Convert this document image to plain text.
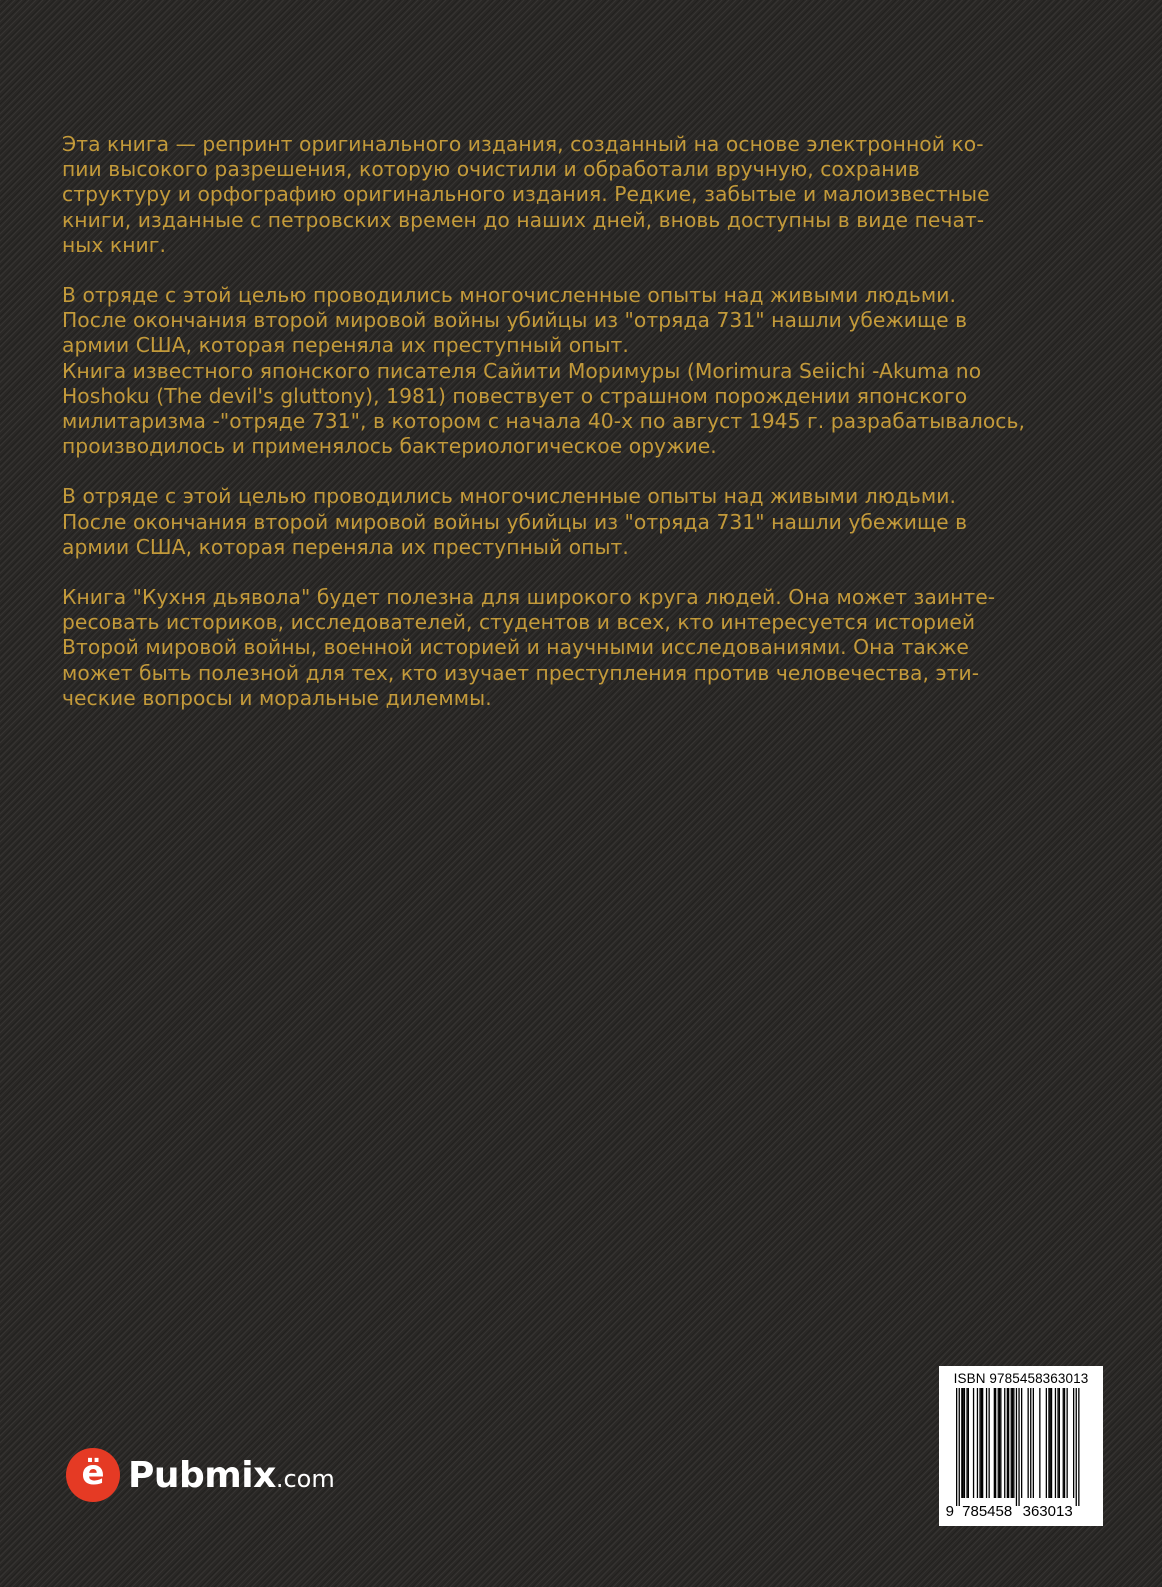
Эта книга — репринт оригинального издания, созданный на основе электронной ко-
пии высокого разрешения, которую очистили и обработали вручную, сохранив
структуру и орфографию оригинального издания. Редкие, забытые и малоизвестные
книги, изданные с петровских времен до наших дней, вновь доступны в виде печат-
ных книг.

В отряде с этой целью проводились многочисленные опыты над живыми людьми.
После окончания второй мировой войны убийцы из "отряда 731" нашли убежище в
армии США, которая переняла их преступный опыт.

Книга известного японского писателя Сайити Моримуры (Morimura Seiichi -Akuma no
Hoshoku (The devil's gluttony), 1981) повествует о страшном порождении японского
милитаризма -"отряде 731", в котором с начала 40-х по август 1945 г. разрабатывалось,
производилось и применялось бактериологическое оружие.

В отряде с этой целью проводились многочисленные опыты над живыми людьми.
После окончания второй мировой войны убийцы из "отряда 731" нашли убежище в
армии США, которая переняла их преступный опыт.

Книга "Кухня дьявола" будет полезна для широкого круга людей. Она может заинте-
ресовать историков, исследователей, студентов и всех, кто интересуется историей
Второй мировой войны, военной историей и научными исследованиями. Она также
может быть полезной для тех, кто изучает преступления против человечества, эти-
ческие вопросы и моральные дилеммы.

ё Pubmix .com
ISBN 9785458363013
9 785458 363013
